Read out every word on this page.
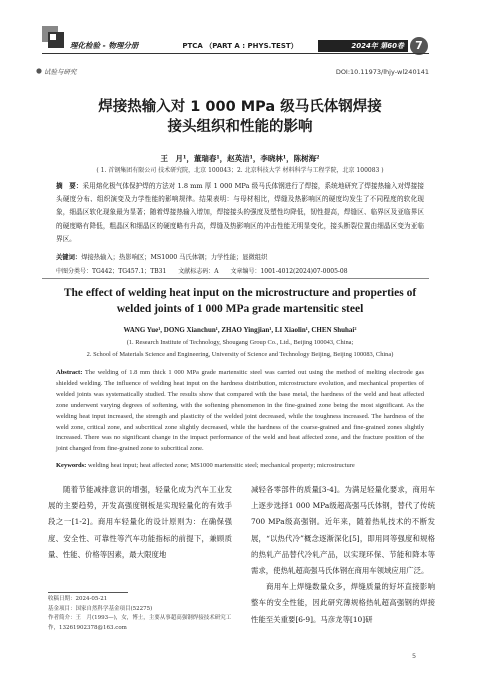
理化检验 - 物理分册	PTCA （PART A : PHYS.TEST）	2024年 第60卷	7
试验与研究	DOI:10.11973/lhjy-wl240141
焊接热输入对 1 000 MPa 级马氏体钢焊接
接头组织和性能的影响
王　月¹，董瑞春¹，赵英洁¹，李晓林¹，陈树海²
( 1. 首钢集团有限公司 技术研究院，北京 100043；2. 北京科技大学 材料科学与工程学院，北京 100083 )
摘　要：采用熔化极气体保护焊的方法对 1.8 mm 厚 1 000 MPa 级马氏体钢进行了焊接，系统地研究了焊接热输入对焊接接头硬度分布、组织演变及力学性能的影响规律。结果表明：与母材相比，焊缝及热影响区的硬度均发生了不同程度的软化现象，细晶区软化现象最为显著；随着焊接热输入增加，焊接接头的强度及塑性均降低，韧性提高，焊缝区、临界区及亚临界区的硬度略有降低，粗晶区和细晶区的硬度略有升高，焊缝及热影响区的冲击性能无明显变化，接头断裂位置由细晶区变为亚临界区。
关键词：焊接热输入；热影响区；MS1000 马氏体钢；力学性能；显微组织
中图分类号：TG442；TG457.1；TB31 文献标志码：A 文章编号：1001-4012(2024)07-0005-08
The effect of welding heat input on the microstructure and properties of
welded joints of 1 000 MPa grade martensitic steel
WANG Yue¹, DONG Xianchun¹, ZHAO Yingjian¹, LI Xiaolin¹, CHEN Shuhai²
(1. Research Institute of Technology, Shougang Group Co., Ltd., Beijing 100043, China;
2. School of Materials Science and Engineering, University of Science and Technology Beijing, Beijing 100083, China)
Abstract: The welding of 1.8 mm thick 1 000 MPa grade martensitic steel was carried out using the method of melting electrode gas shielded welding. The influence of welding heat input on the hardness distribution, microstructure evolution, and mechanical properties of welded joints was systematically studied. The results show that compared with the base metal, the hardness of the weld and heat affected zone underwent varying degrees of softening, with the softening phenomenon in the fine-grained zone being the most significant. As the welding heat input increased, the strength and plasticity of the welded joint decreased, while the toughness increased. The hardness of the weld zone, critical zone, and subcritical zone slightly decreased, while the hardness of the coarse-grained and fine-grained zones slightly increased. There was no significant change in the impact performance of the weld and heat affected zone, and the fracture position of the joint changed from fine-grained zone to subcritical zone.
Keywords: welding heat input; heat affected zone; MS1000 martensitic steel; mechanical property; microstructure
随着节能减排意识的增强，轻量化成为汽车工业发展的主要趋势，开发高强度钢板是实现轻量化的有效手段之一[1-2]。商用车轻量化的设计原则为：在确保强度、安全性、可靠性等汽车功能指标的前提下，兼顾质量、性能、价格等因素，最大限度地
减轻各零部件的质量[3-4]。为满足轻量化要求，商用车上逐步选择1 000 MPa级超高强马氏体钢，替代了传统700 MPa级高强钢。近年来，随着热轧技术的不断发展，“以热代冷”概念逐渐深化[5]，即用同等强度和规格的热轧产品替代冷轧产品，以实现环保、节能和降本等需求，使热轧超高强马氏体钢在商用车领域应用广泛。
商用车上焊缝数量众多，焊缝质量的好坏直接影响整车的安全性能，因此研究薄规格热轧超高强钢的焊接性能至关重要[6-9]。马彦龙等[10]研
收稿日期：2024-05-21
基金项目：国家自然科学基金项目(52275)
作者简介：王　月(1993—)，女，博士，主要从事超高强钢焊接技术研究工作，13261902378@163.com
5
